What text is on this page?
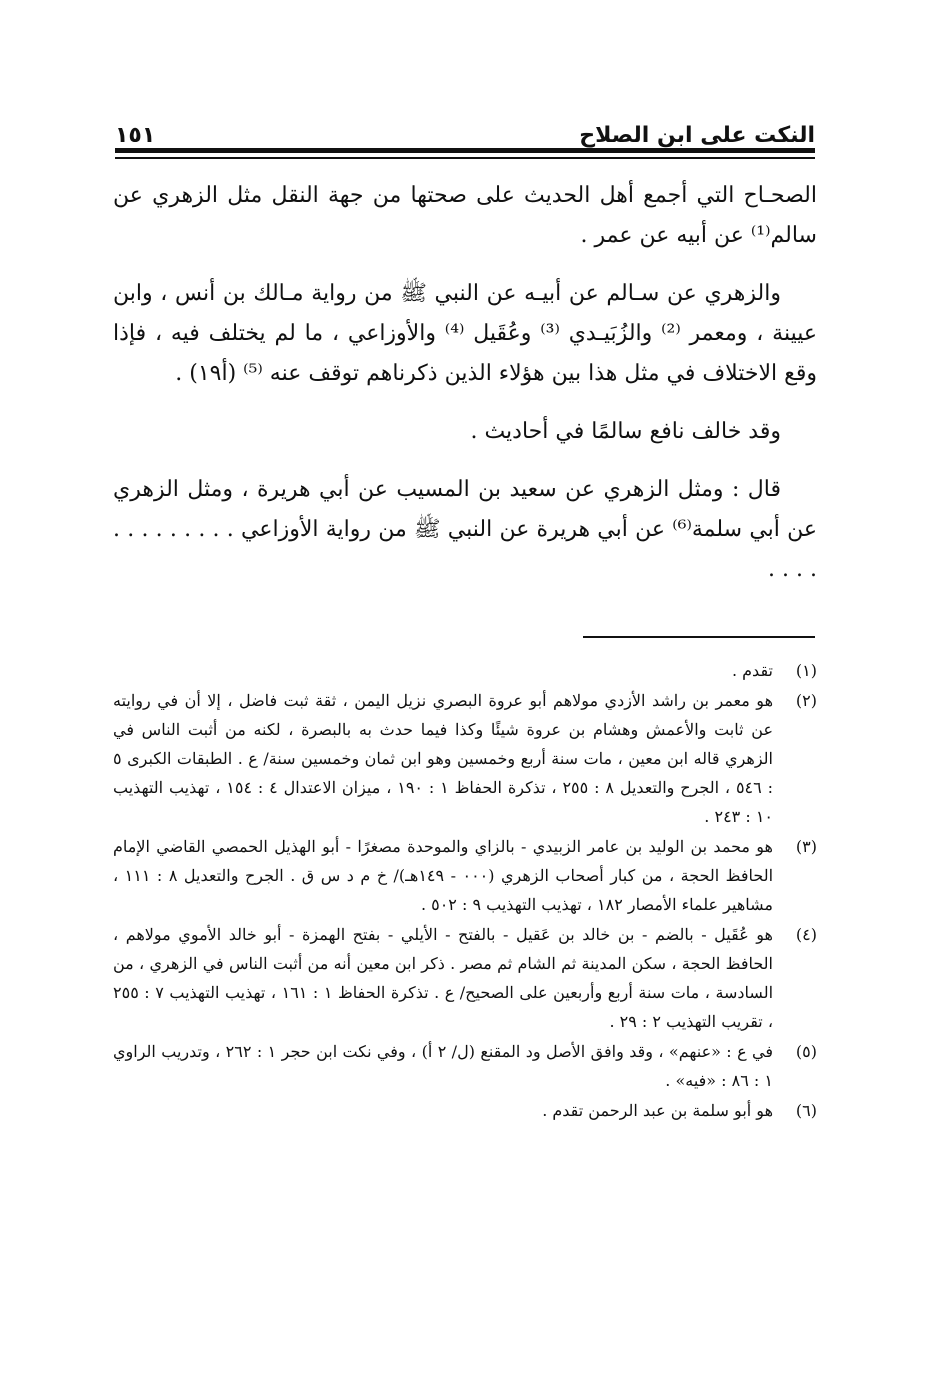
النكت على ابن الصلاح
١٥١

الصحـاح التي أجمع أهل الحديث على صحتها من جهة النقل مثل الزهري عن سالم⁽¹⁾ عن أبيه عن عمر .

والزهري عن سـالم عن أبيـه عن النبي ﷺ من رواية مـالك بن أنس ، وابن عيينة ، ومعمر ⁽²⁾ والزُبَيـدي ⁽³⁾ وعُقَيل ⁽⁴⁾ والأوزاعي ، ما لم يختلف فيه ، فإذا وقع الاختلاف في مثل هذا بين هؤلاء الذين ذكرناهم توقف عنه ⁽⁵⁾ (أ١٩) .

وقد خالف نافع سالمًا في أحاديث .

قال : ومثل الزهري عن سعيد بن المسيب عن أبي هريرة ، ومثل الزهري عن أبي سلمة⁽⁶⁾ عن أبي هريرة عن النبي ﷺ من رواية الأوزاعي . . . . . . . . . . . . .

(١)
تقدم .
(٢)
هو معمر بن راشد الأزدي مولاهم أبو عروة البصري نزيل اليمن ، ثقة ثبت فاضل ، إلا أن في روايته عن ثابت والأعمش وهشام بن عروة شيئًا وكذا فيما حدث به بالبصرة ، لكنه من أثبت الناس في الزهري قاله ابن معين ، مات سنة أربع وخمسين وهو ابن ثمان وخمسين سنة/ ع . الطبقات الكبرى ٥ : ٥٤٦ ، الجرح والتعديل ٨ : ٢٥٥ ، تذكرة الحفاظ ١ : ١٩٠ ، ميزان الاعتدال ٤ : ١٥٤ ، تهذيب التهذيب ١٠ : ٢٤٣ .
(٣)
هو محمد بن الوليد بن عامر الزبيدي - بالزاي والموحدة مصغرًا - أبو الهذيل الحمصي القاضي الإمام الحافظ الحجة ، من كبار أصحاب الزهري (٠٠٠ - ١٤٩هـ)/ خ م د س ق . الجرح والتعديل ٨ : ١١١ ، مشاهير علماء الأمصار ١٨٢ ، تهذيب التهذيب ٩ : ٥٠٢ .
(٤)
هو عُقَيل - بالضم - بن خالد بن عَقيل - بالفتح - الأيلي - بفتح الهمزة - أبو خالد الأموي مولاهم ، الحافظ الحجة ، سكن المدينة ثم الشام ثم مصر . ذكر ابن معين أنه من أثبت الناس في الزهري ، من السادسة ، مات سنة أربع وأربعين على الصحيح/ ع . تذكرة الحفاظ ١ : ١٦١ ، تهذيب التهذيب ٧ : ٢٥٥ ، تقريب التهذيب ٢ : ٢٩ .
(٥)
في ع : «عنهم» ، وقد وافق الأصل ود المقنع (ل/ ٢ أ) ، وفي نكت ابن حجر ١ : ٢٦٢ ، وتدريب الراوي ١ : ٨٦ : «فيه» .
(٦)
هو أبو سلمة بن عبد الرحمن تقدم .
